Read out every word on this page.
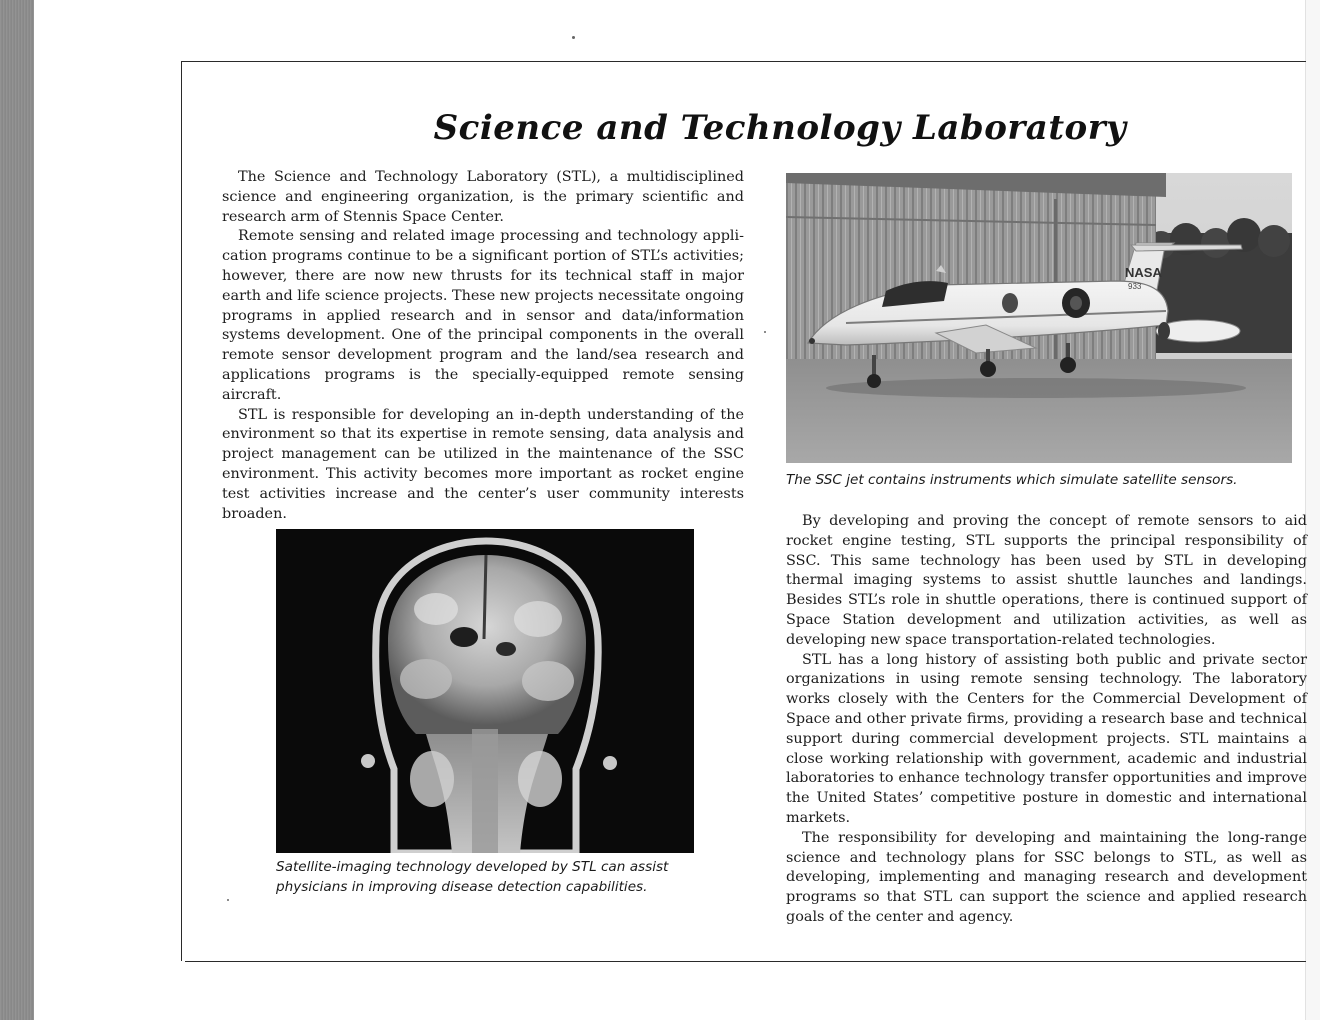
Science and Technology Laboratory

The Science and Technology Laboratory (STL), a multidisciplined science and engineering organization, is the primary scientific and research arm of Stennis Space Center.

Remote sensing and related image processing and technology application programs continue to be a significant portion of STL’s activities; however, there are now new thrusts for its technical staff in major earth and life science projects. These new projects necessitate ongoing programs in applied research and in sensor and data/information systems development. One of the principal components in the overall remote sensor development program and the land/sea research and applications programs is the specially-equipped remote sensing aircraft.

STL is responsible for developing an in-depth understanding of the environment so that its expertise in remote sensing, data analysis and project management can be utilized in the maintenance of the SSC environment. This activity becomes more important as rocket engine test activities increase and the center’s user community interests broaden.

NASA
933

The SSC jet contains instruments which simulate satellite sensors.

By developing and proving the concept of remote sensors to aid rocket engine testing, STL supports the principal responsibility of SSC. This same technology has been used by STL in developing thermal imaging systems to assist shuttle launches and landings. Besides STL’s role in shuttle operations, there is continued support of Space Station development and utilization activities, as well as developing new space transportation-related technologies.

STL has a long history of assisting both public and private sector organizations in using remote sensing technology. The laboratory works closely with the Centers for the Commercial Development of Space and other private firms, providing a research base and technical support during commercial development projects. STL maintains a close working relationship with government, academic and industrial laboratories to enhance technology transfer opportunities and improve the United States’ competitive posture in domestic and international markets.

The responsibility for developing and maintaining the long-range science and technology plans for SSC belongs to STL, as well as developing, implementing and managing research and development programs so that STL can support the science and applied research goals of the center and agency.

Satellite-imaging technology developed by STL can assist physicians in improving disease detection capabilities.
